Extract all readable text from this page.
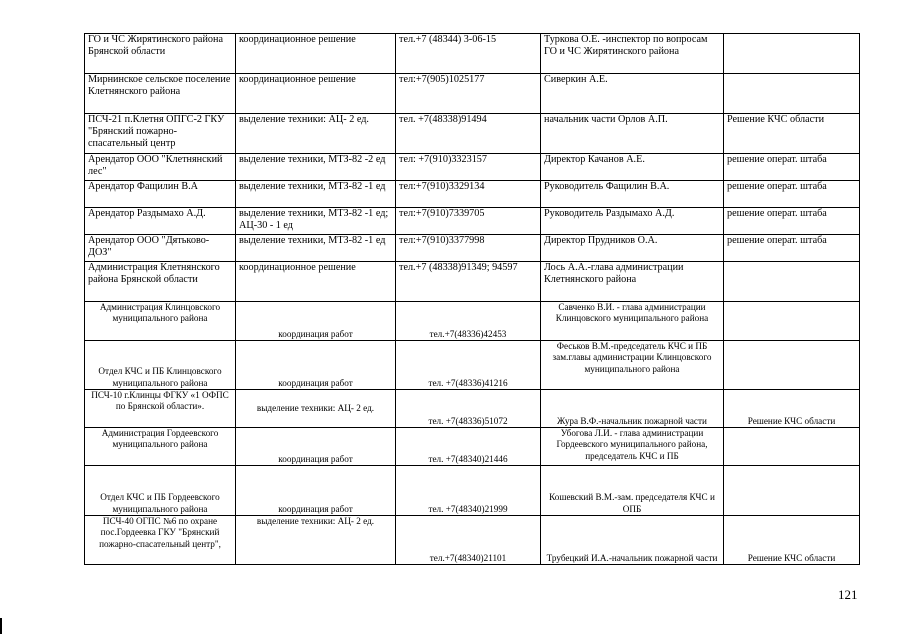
ГО и ЧС Жирятинского района Брянской области	координационное решение	тел.+7 (48344) 3-06-15	Туркова О.Е. -инспектор по вопросам ГО и ЧС Жирятинского района	
Мирнинское сельское поселение Клетнянского района	координационное решение	тел:+7(905)1025177	Сиверкин А.Е.	
ПСЧ-21 п.Клетня ОПГС-2 ГКУ "Брянский пожарно-спасательный центр	выделение техники: АЦ- 2 ед.	тел. +7(48338)91494	начальник части Орлов А.П.	Решение КЧС области
Арендатор ООО "Клетнянский лес"	выделение техники, МТЗ-82 -2 ед	тел: +7(910)3323157	Директор Качанов А.Е.	решение операт. штаба
Арендатор Фащилин В.А	выделение техники, МТЗ-82 -1 ед	тел:+7(910)3329134	Руководитель Фащилин В.А.	решение операт. штаба
Арендатор Раздымахо А.Д.	выделение техники, МТЗ-82 -1 ед; АЦ-30 - 1 ед	тел:+7(910)7339705	Руководитель Раздымахо А.Д.	решение операт. штаба
Арендатор ООО "Дятьково-ДОЗ"	выделение техники, МТЗ-82 -1 ед	тел:+7(910)3377998	Директор Прудников О.А.	решение операт. штаба
Администрация Клетнянского района Брянской области	координационное решение	тел.+7 (48338)91349; 94597	Лось А.А.-глава администрации Клетнянского района	
Администрация Клинцовского муниципального района	координация работ	тел.+7(48336)42453	Савченко В.И. - глава администрации Клинцовского муниципального района	
Отдел КЧС и ПБ Клинцовского муниципального района	координация работ	тел. +7(48336)41216	Феськов В.М.-председатель КЧС и ПБ зам.главы администрации Клинцовского муниципального района	
ПСЧ-10 г.Клинцы ФГКУ «1 ОФПС по Брянской области».	выделение техники: АЦ- 2 ед.	тел. +7(48336)51072	Жура В.Ф.-начальник пожарной части	Решение КЧС области
Администрация Гордеевского муниципального района	координация работ	тел. +7(48340)21446	Убогова Л.И. - глава администрации Гордеевского муниципального района, председатель КЧС и ПБ	
Отдел КЧС и ПБ Гордеевского муниципального района	координация работ	тел. +7(48340)21999	Кошевский В.М.-зам. председателя КЧС и ОПБ	
ПСЧ-40 ОГПС №6 по охране пос.Гордеевка ГКУ "Брянский пожарно-спасательный центр",	выделение техники: АЦ- 2 ед.	тел.+7(48340)21101	Трубецкий И.А.-начальник пожарной части	Решение КЧС области
121
